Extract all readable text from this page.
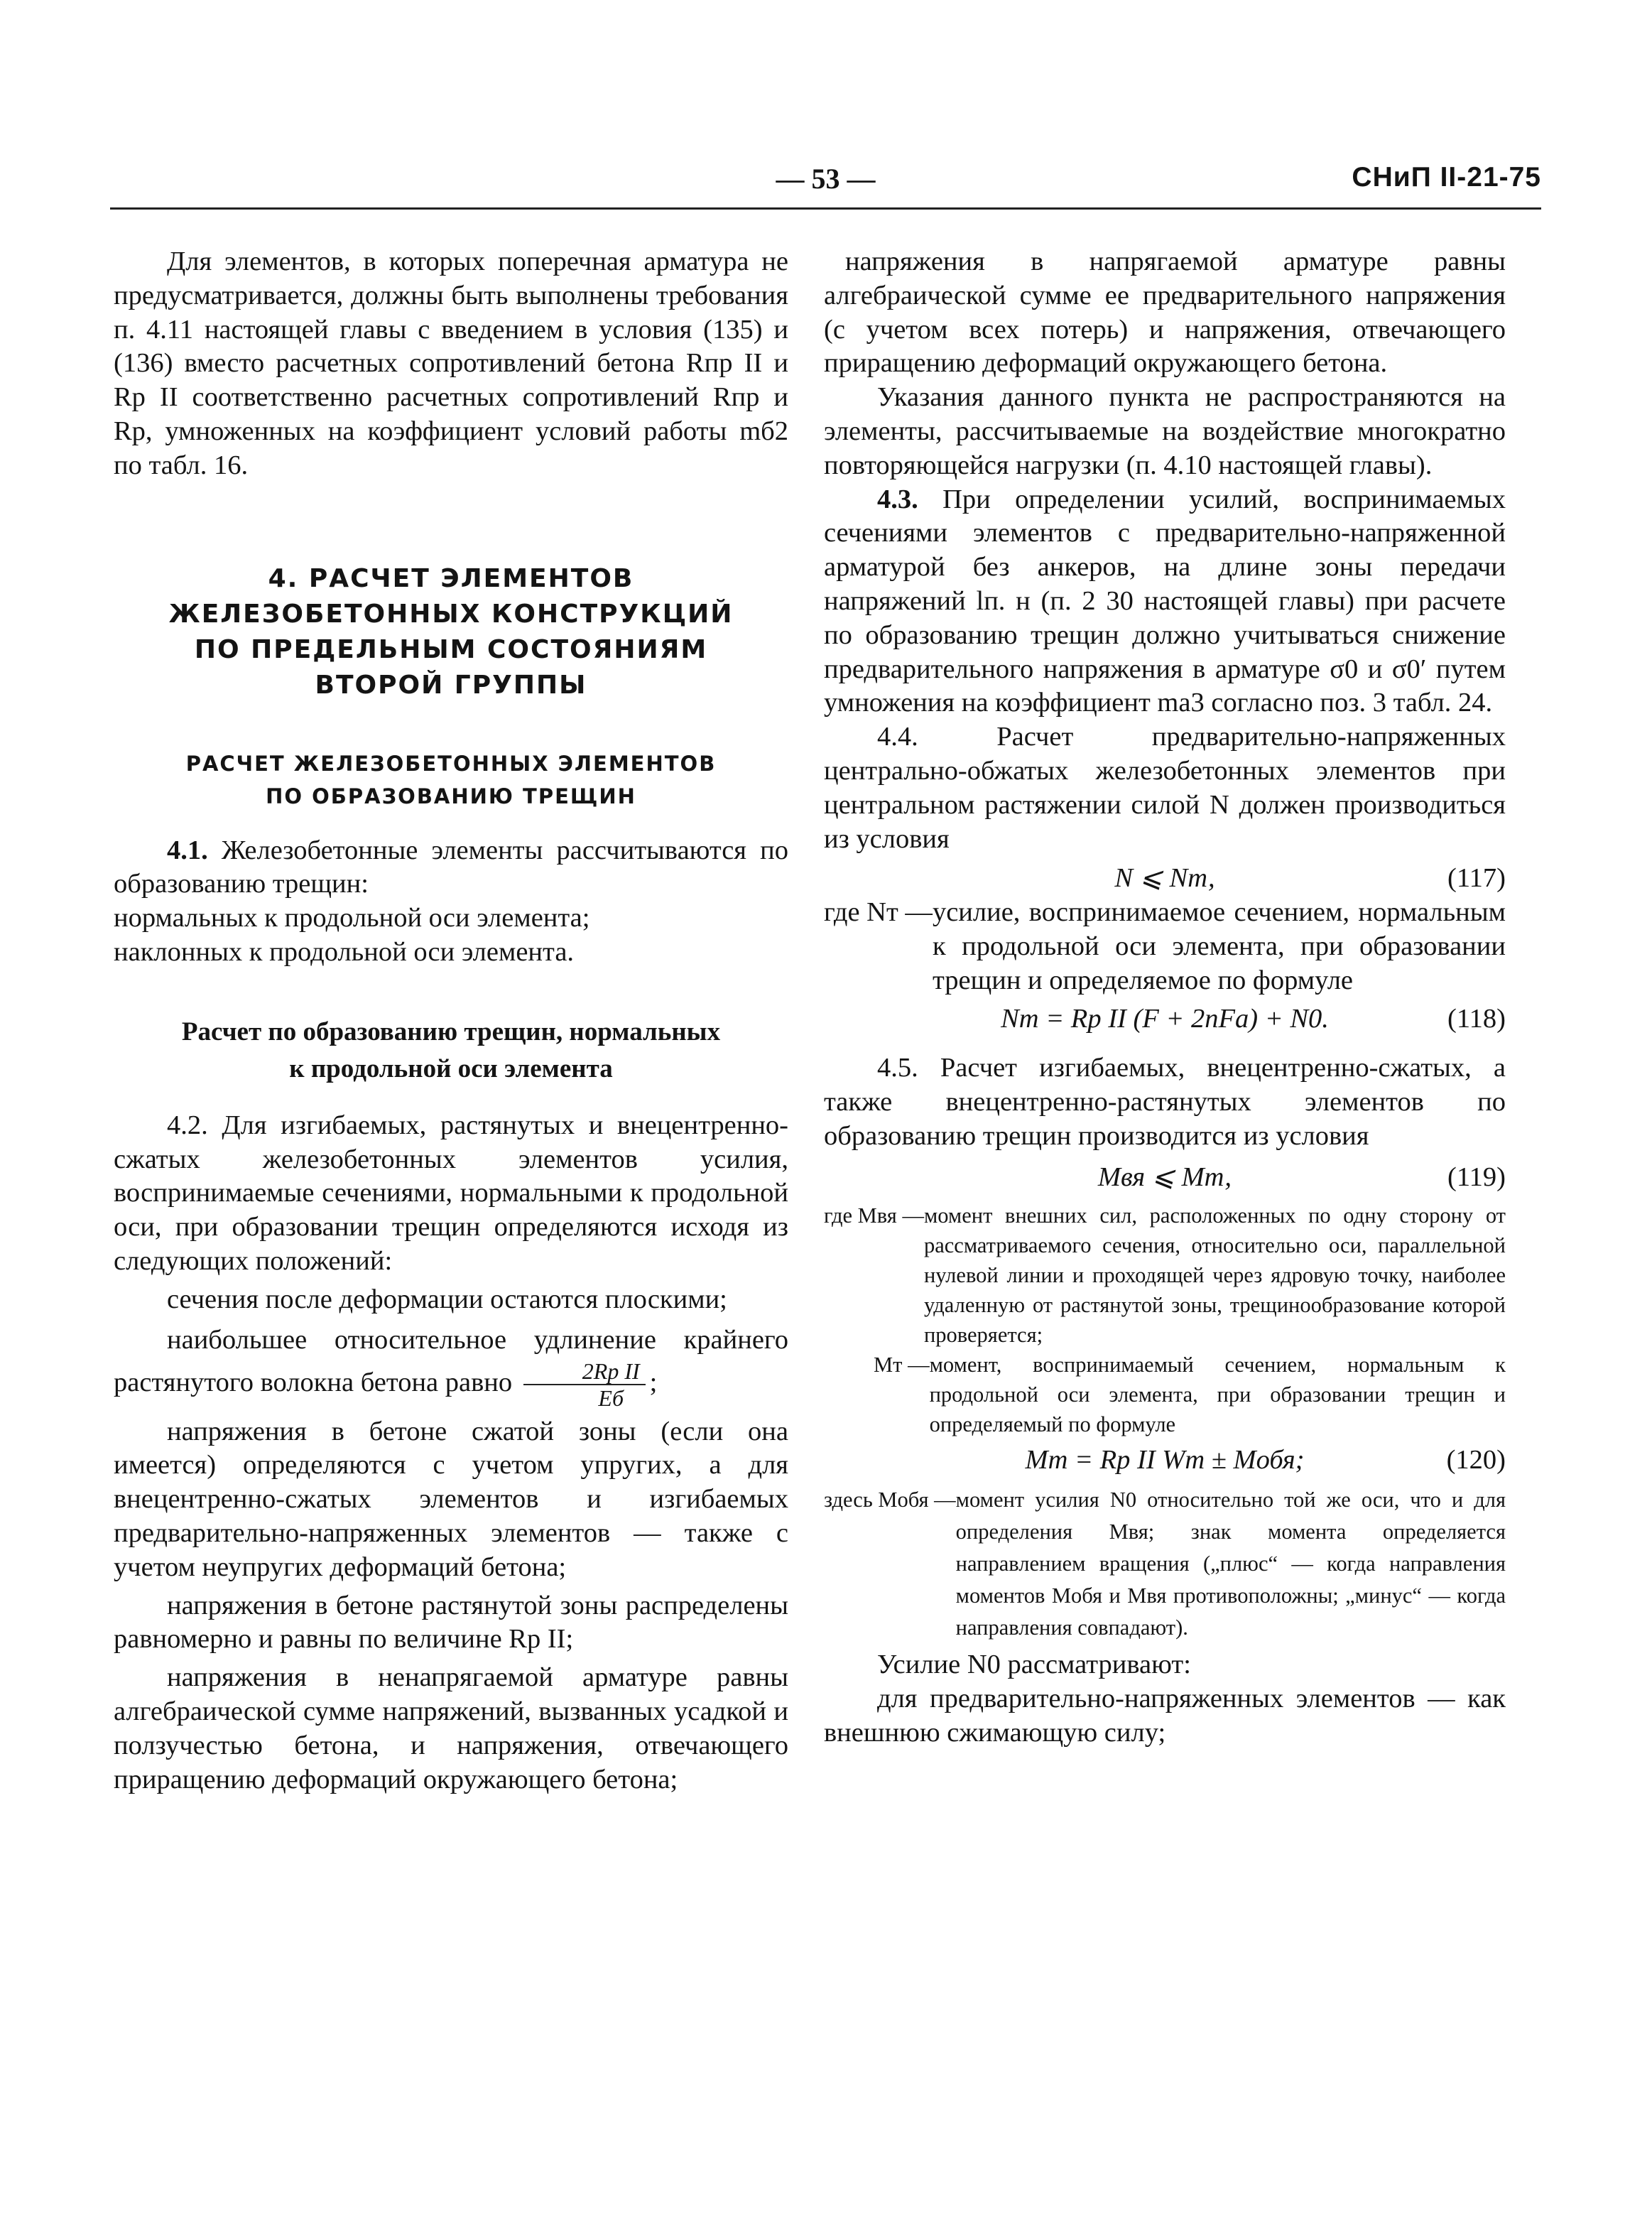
— 53 —	СНиП II-21-75

Для элементов, в которых поперечная арматура не предусматривается, должны быть выполнены требования п. 4.11 настоящей главы с введением в условия (135) и (136) вместо расчетных сопротивлений бетона Rпр II и Rр II соответственно расчетных сопротивлений Rпр и Rр, умноженных на коэффициент условий работы mб2 по табл. 16.

4. РАСЧЕТ ЭЛЕМЕНТОВ
ЖЕЛЕЗОБЕТОННЫХ КОНСТРУКЦИЙ
ПО ПРЕДЕЛЬНЫМ СОСТОЯНИЯМ
ВТОРОЙ ГРУППЫ

РАСЧЕТ ЖЕЛЕЗОБЕТОННЫХ ЭЛЕМЕНТОВ
ПО ОБРАЗОВАНИЮ ТРЕЩИН

4.1. Железобетонные элементы рассчитываются по образованию трещин:

нормальных к продольной оси элемента;

наклонных к продольной оси элемента.

Расчет по образованию трещин, нормальных
к продольной оси элемента

4.2. Для изгибаемых, растянутых и внецентренно-сжатых железобетонных элементов усилия, воспринимаемые сечениями, нормальными к продольной оси, при образовании трещин определяются исходя из следующих положений:

сечения после деформации остаются плоскими;

наибольшее относительное удлинение крайнего растянутого волокна бетона равно $\frac{\text{2Rр II}}{Eб}$ ;

напряжения в бетоне сжатой зоны (если она имеется) определяются с учетом упругих, а для внецентренно-сжатых элементов и изгибаемых предварительно-напряженных элементов — также с учетом неупругих деформаций бетона;

напряжения в бетоне растянутой зоны распределены равномерно и равны по величине Rр II;

напряжения в ненапрягаемой арматуре равны алгебраической сумме напряжений, вызванных усадкой и ползучестью бетона, и напряжения, отвечающего приращению деформаций окружающего бетона;

напряжения в напрягаемой арматуре равны алгебраической сумме ее предварительного напряжения (с учетом всех потерь) и напряжения, отвечающего приращению деформаций окружающего бетона.

Указания данного пункта не распространяются на элементы, рассчитываемые на воздействие многократно повторяющейся нагрузки (п. 4.10 настоящей главы).

4.3. При определении усилий, воспринимаемых сечениями элементов с предварительно-напряженной арматурой без анкеров, на длине зоны передачи напряжений lп. н (п. 2 30 настоящей главы) при расчете по образованию трещин должно учитываться снижение предварительного напряжения в арматуре σ0 и σ0′ путем умножения на коэффициент mа3 согласно поз. 3 табл. 24.

4.4. Расчет предварительно-напряженных центрально-обжатых железобетонных элементов при центральном растяжении силой N должен производиться из условия

N ⩽ Nт,	(117)

где Nт — усилие, воспринимаемое сечением, нормальным к продольной оси элемента, при образовании трещин и определяемое по формуле

Nт = Rр II (F + 2nFа) + N0.	(118)

4.5. Расчет изгибаемых, внецентренно-сжатых, а также внецентренно-растянутых элементов по образованию трещин производится из условия

Mвя ⩽ Mт,	(119)

где Mвя — момент внешних сил, расположенных по одну сторону от рассматриваемого сечения, относительно оси, параллельной нулевой линии и проходящей через ядровую точку, наиболее удаленную от растянутой зоны, трещинообразование которой проверяется;
Mт — момент, воспринимаемый сечением, нормальным к продольной оси элемента, при образовании трещин и определяемый по формуле

Mт = Rр II Wт ± Mобя;	(120)

здесь Mобя — момент усилия N0 относительно той же оси, что и для определения Mвя; знак момента определяется направлением вращения („плюс“ — когда направления моментов Mобя и Mвя противоположны; „минус“ — когда направления совпадают).

Усилие N0 рассматривают:

для предварительно-напряженных элементов — как внешнюю сжимающую силу;
